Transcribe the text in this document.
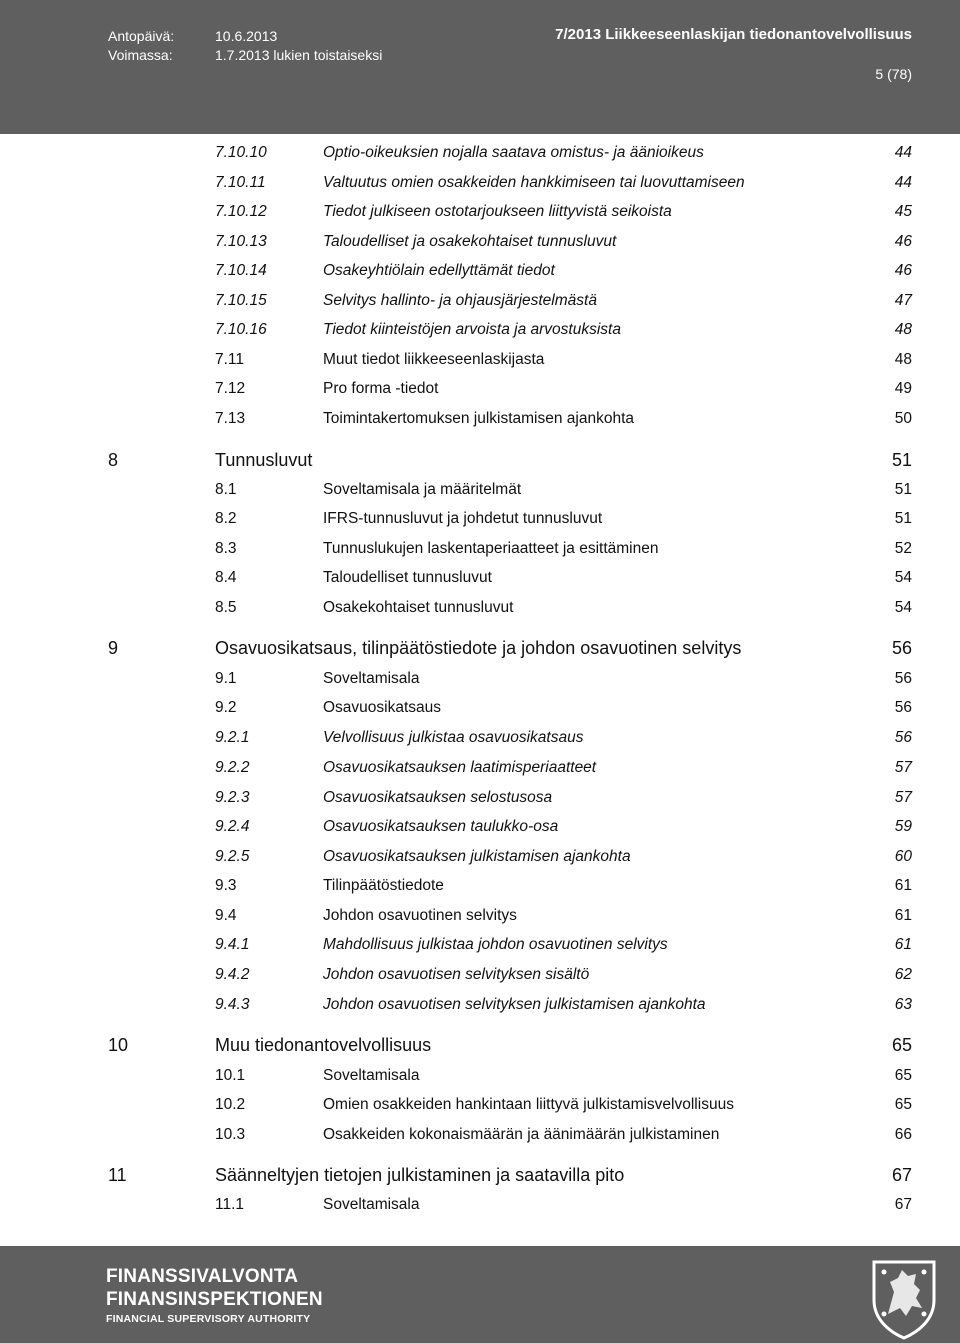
Antopäivä:	10.6.2013	7/2013 Liikkeeseenlaskijan tiedonantovelvollisuus
Voimassa:	1.7.2013 lukien toistaiseksi
5 (78)
7.10.10	Optio-oikeuksien nojalla saatava omistus- ja äänioikeus	44
7.10.11	Valtuutus omien osakkeiden hankkimiseen tai luovuttamiseen	44
7.10.12	Tiedot julkiseen ostotarjoukseen liittyvistä seikoista	45
7.10.13	Taloudelliset ja osakekohtaiset tunnusluvut	46
7.10.14	Osakeyhtiölain edellyttämät tiedot	46
7.10.15	Selvitys hallinto- ja ohjausjärjestelmästä	47
7.10.16	Tiedot kiinteistöjen arvoista ja arvostuksista	48
7.11	Muut tiedot liikkeeseenlaskijasta	48
7.12	Pro forma -tiedot	49
7.13	Toimintakertomuksen julkistamisen ajankohta	50
8	Tunnusluvut	51
8.1	Soveltamisala ja määritelmät	51
8.2	IFRS-tunnusluvut ja johdetut tunnusluvut	51
8.3	Tunnuslukujen laskentaperiaatteet ja esittäminen	52
8.4	Taloudelliset tunnusluvut	54
8.5	Osakekohtaiset tunnusluvut	54
9	Osavuosikatsaus, tilinpäätöstiedote ja johdon osavuotinen selvitys	56
9.1	Soveltamisala	56
9.2	Osavuosikatsaus	56
9.2.1	Velvollisuus julkistaa osavuosikatsaus	56
9.2.2	Osavuosikatsauksen laatimisperiaatteet	57
9.2.3	Osavuosikatsauksen selostusosa	57
9.2.4	Osavuosikatsauksen taulukko-osa	59
9.2.5	Osavuosikatsauksen julkistamisen ajankohta	60
9.3	Tilinpäätöstiedote	61
9.4	Johdon osavuotinen selvitys	61
9.4.1	Mahdollisuus julkistaa johdon osavuotinen selvitys	61
9.4.2	Johdon osavuotisen selvityksen sisältö	62
9.4.3	Johdon osavuotisen selvityksen julkistamisen ajankohta	63
10	Muu tiedonantovelvollisuus	65
10.1	Soveltamisala	65
10.2	Omien osakkeiden hankintaan liittyvä julkistamisvelvollisuus	65
10.3	Osakkeiden kokonaismäärän ja äänimäärän julkistaminen	66
11	Säänneltyjen tietojen julkistaminen ja saatavilla pito	67
11.1	Soveltamisala	67
FINANSSIVALVONTA
FINANSINSPEKTIONEN
FINANCIAL SUPERVISORY AUTHORITY
